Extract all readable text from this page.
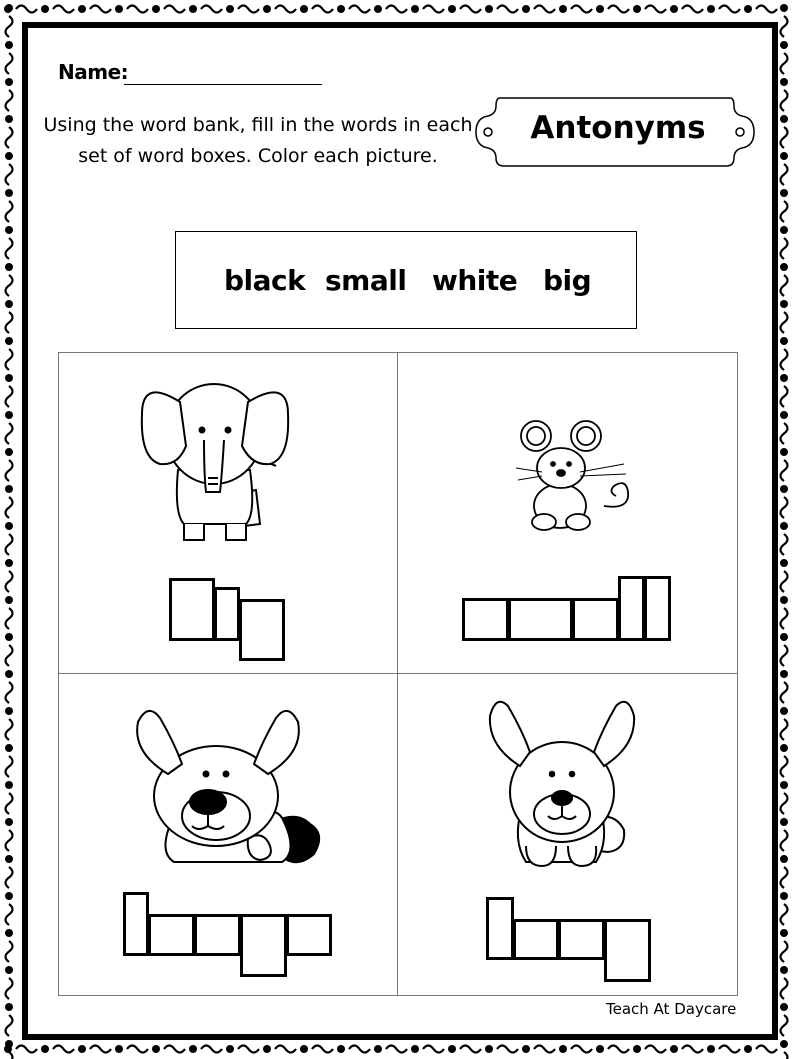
Name:
Using the word bank, fill in the words in each set of word boxes. Color each picture.
Antonyms
black small white big
Teach At Daycare
